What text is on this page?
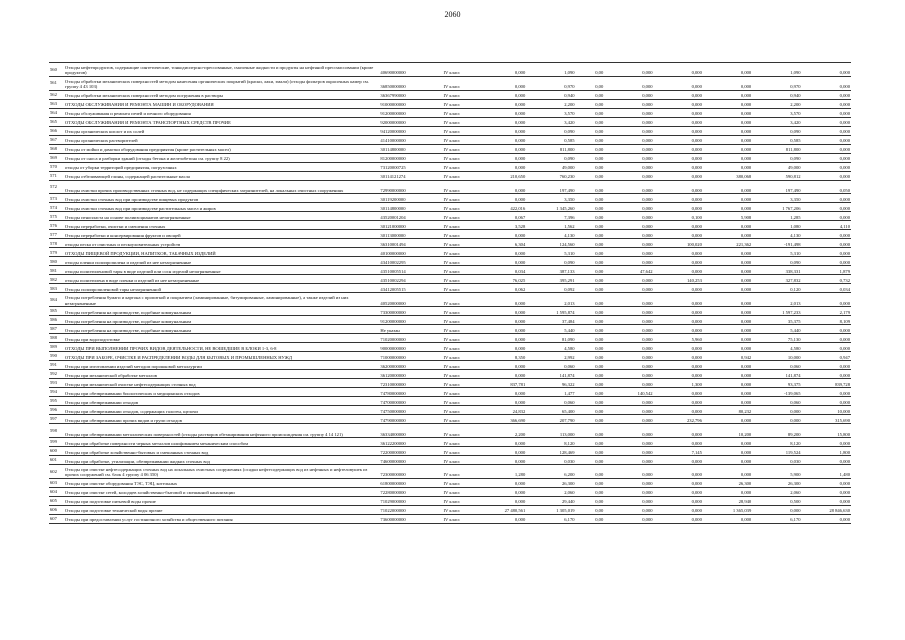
2060
560	Отходы нефтепродуктов, содержащие синтетические, тонкодисперсно-прессованные, смазочные жидкости и продукты на нефтяной прессмассовании (кроме продуктов)	40690000000	IV класс	0,000	1,090	0,00	0,000	0,000	0,000	1,090	0,000
561	Отходы обработки механических поверхностей методом нанесения органических покрытий (краски, лаки, эмали) (отходы фильтров окрасочных камер см. группу 4 43 103)	36850000000	IV класс	0,000	0,970	0,00	0,000	0,000	0,000	0,970	0,000
562	Отходы обработки механических поверхностей методом погружения в растворы	36367990000	IV класс	0,000	0,940	0,00	0,000	0,000	0,000	0,940	0,000
563	ОТХОДЫ ОБСЛУЖИВАНИЯ И РЕМОНТА МАШИН И ОБОРУДОВАНИЯ	91000000000	IV класс	0,000	2,200	0,00	0,000	0,000	0,000	2,200	0,000
564	Отходы обслуживания и ремонта печей и печного оборудования	91200000000	IV класс	0,000	3,570	0,00	0,000	0,000	0,000	3,570	0,000
565	ОТХОДЫ ОБСЛУЖИВАНИЯ И РЕМОНТА ТРАНСПОРТНЫХ СРЕДСТВ ПРОЧИЕ	92000000000	IV класс	0,000	3,420	0,00	0,000	0,000	0,000	3,420	0,000
566	Отходы органических кислот и их солей	94120000000	IV класс	0,000	0,090	0,00	0,000	0,000	0,000	0,090	0,000
567	Отходы органических растворителей	41410000000	IV класс	0,000	0,585	0,00	0,000	0,000	0,000	0,585	0,000
568	Отходы от мойки и дамотки оборудования предприятия (кроме растительных масел)	30114800000	IV класс	0,000	811,800	0,00	0,000	0,000	0,000	811,800	0,000
569	Отходы от сноса и разборки зданий (отходы бетона и железобетона см. группу 8 22)	81200000000	IV класс	0,000	0,090	0,00	0,000	0,000	0,000	0,090	0,000
570	отходы от уборки территорий предприятия, погрузочных	73120000725	IV класс	0,000	49,000	0,00	0,000	0,000	0,000	49,000	0,000
571	Отходы отбеливающей глины, содержащей растительные масла	30114121274	IV класс	210,650	760,230	0,00	0,000	0,000	380,068	590,812	0,000
572	Отходы очистки прочих производственных сточных вод, не содержащих специфических загрязнителей, на локальных очистных сооружениях	72990000000	IV класс	0,000	197,490	0,00	0,000	0,000	0,000	197,490	0,050
573	Отходы очистки сточных вод при производстве пищевых продуктов	30119200000	IV класс	0,000	3,350	0,00	0,000	0,000	0,000	3,350	0,000
574	Отходы очистки сточных вод при производстве растительных масел и жиров	30114800000	IV класс	422,016	1 345,260	0,00	0,000	0,000	0,000	1 767,206	0,000
575	Отходы пенопласта на основе полиизоцианатов незагрязненные	43520001204	IV класс	0,067	7,396	0,00	0,000	0,100	5,908	1,285	0,000
576	Отходы переработки, очистки и смешения сточных	30121000000	IV класс	3,528	1,562	0,00	0,000	0,000	0,000	1,080	4,110
577	Отходы переработки и консервирования фруктов и овощей	30113000000	IV класс	0,000	4,130	0,00	0,000	0,000	0,000	4,130	0,000
578	отходы песка от очистных и пескоуловительных устройств	36310001494	IV класс	6,304	124,560	0,00	0,000	100,020	221,362	-191,498	0,000
579	ОТХОДЫ ПИЩЕВОЙ ПРОДУКЦИИ, НАПИТКОВ, ТАБАЧНЫХ ИЗДЕЛИЙ	40100000000	IV класс	0,000	5,310	0,00	0,000	0,000	0,000	5,310	0,000
580	отходы пленки полипропилена и изделий из нее незагрязненные	43410002295	IV класс	0,000	0,090	0,00	0,000	0,000	0,000	0,090	0,000
581	отходы полиэтиленовой тары в виде изделий или сосн изделий незагрязненные	43510005514	IV класс	0,034	387,133	0,00	47,642	0,000	0,000	338,331	1,879
582	отходы полиэтилена в виде пленки и изделий из нее незагрязненные	43510002294	IV класс	76,025	395,291	0,00	0,000	140,253	0,000	327,832	0,732
583	Отходы полипропиленовой тары незагрязненной	43412005515	IV класс	0,062	0,092	0,00	0,000	0,000	0,000	0,120	0,034
584	Отходы потребления бумаги и картона с пропиткой и покрытием (ламинированные, битумированные, ламинированные), а также изделий из них незагрязненные	40520000000	IV класс	0,000	2,013	0,00	0,000	0,000	0,000	2,013	0,000
585	Отходы потребления на производстве, подобные коммунальным	73300000000	IV класс	0,000	1 595,874	0,00	0,000	0,000	0,000	1 597,233	2,179
586	Отходы потребления на производстве, подобные коммунальным	91200000000	IV класс	0,000	37,484	0,00	0,000	0,000	0,000	35,375	8,109
587	Отходы потребления на производстве, подобные коммунальным	Не указан	IV класс	0,000	5,440	0,00	0,000	0,000	0,000	5,440	0,000
588	Отходы при водоподготовке	71020000000	IV класс	0,000	81,090	0,00	0,000	5,960	0,000	75,130	0,000
589	ОТХОДЫ ПРИ ВЫПОЛНЕНИИ ПРОЧИХ ВИДОВ ДЕЯТЕЛЬНОСТИ, НЕ ВОШЕДШИЕ В БЛОКИ 1-3, 6-8	90000000000	IV класс	0,000	4,580	0,00	0,000	0,000	0,000	4,580	0,000
590	ОТХОДЫ ПРИ ЗАБОРЕ, ОЧИСТКЕ И РАСПРЕДЕЛЕНИИ ВОДЫ ДЛЯ БЫТОВЫХ И ПРОМЫШЛЕННЫХ НУЖД	71000000000	IV класс	8,350	2,992	0,00	0,000	0,000	0,942	10,000	0,947
591	Отходы при изготовлении изделий методом порошковой металлургии	36200000000	IV класс	0,000	0,060	0,00	0,000	0,000	0,000	0,060	0,000
592	Отходы при механической обработке металлов	36120000000	IV класс	0,000	141,874	0,00	0,000	0,000	0,000	141,874	0,000
593	Отходы при механической очистке нефтесодержащих сточных вод	72310000000	IV класс	837,781	96,322	0,00	0,000	1,300	0,000	93,375	839,728
594	Отходы при обезвреживании биологических и медицинских отходов	74780000000	IV класс	0,000	1,477	0,00	140,542	0,000	0,000	-139,065	0,000
595	Отходы при обезвреживании отходов	74700000000	IV класс	0,000	0,060	0,00	0,000	0,000	0,000	0,060	0,000
596	Отходы при обезвреживании отходов, содержащих галоген, щелочи	74750000000	IV класс	24,832	65,400	0,00	0,000	0,000	80,232	0,000	10,000
597	Отходы при обезвреживании прочих видов и групп отходов	74790000000	IV класс	366,690	207,790	0,00	0,000	232,796	0,000	0,000	315,690
598	Отходы при обезвреживании металлических поверхностей (отходы растворов обезжиривания нефтяного происхождения см. группу 4 14 121)	36334000000	IV класс	2,200	113,000	0,00	0,000	0,000	10,200	89,200	15,800
599	Отходы при обработке поверхности черных металлов шлифованием механическим способом	36122200000	IV класс	0,000	8,120	0,00	0,000	0,000	0,000	8,120	0,000
600	Отходы при обработке хозяйственно-бытовых и смешанных сточных вод	72200000000	IV класс	0,000	128,469	0,00	0,000	7,145	0,000	119,524	1,800
601	Отходы при обработке, утилизации, обезвреживании жидких сточных вод	74600000000	IV класс	0,000	0,030	0,00	0,000	0,000	0,000	0,030	0,000
602	Отходы при очистке нефтесодержащих сточных вод на локальных очистных сооружениях (осадки нефтесодержащих вод из нефтяных и нефтеловушек из прочих сооружений см. блок 4 группу 4 06 350)	72300000000	IV класс	1,280	6,200	0,00	0,000	0,000	0,000	5,900	1,480
603	Отходы при очистке оборудования ТЭС, ТЭЦ, котельных	61800000000	IV класс	0,000	26,300	0,00	0,000	0,000	26,300	26,300	0,000
604	Отходы при очистке сетей, колодцев хозяйственно-бытовой и смешанной канализации	72280000000	IV класс	0,000	2,060	0,00	0,000	0,000	0,000	2,060	0,000
605	Отходы при подготовке питьевой воды прочие	71029000000	IV класс	0,000	29,440	0,00	0,000	0,000	28,940	0,500	0,000
606	Отходы при подготовке технической воды прочие	71022000000	IV класс	27 480,561	1 305,019	0,00	0,000	0,000	1 365,039	0,000	28 846,630
607	Отходы при предоставлении услуг гостиничного хозяйства и общественного питания	73600000000	IV класс	0,000	6,170	0,00	0,000	0,000	0,000	6,170	0,000
